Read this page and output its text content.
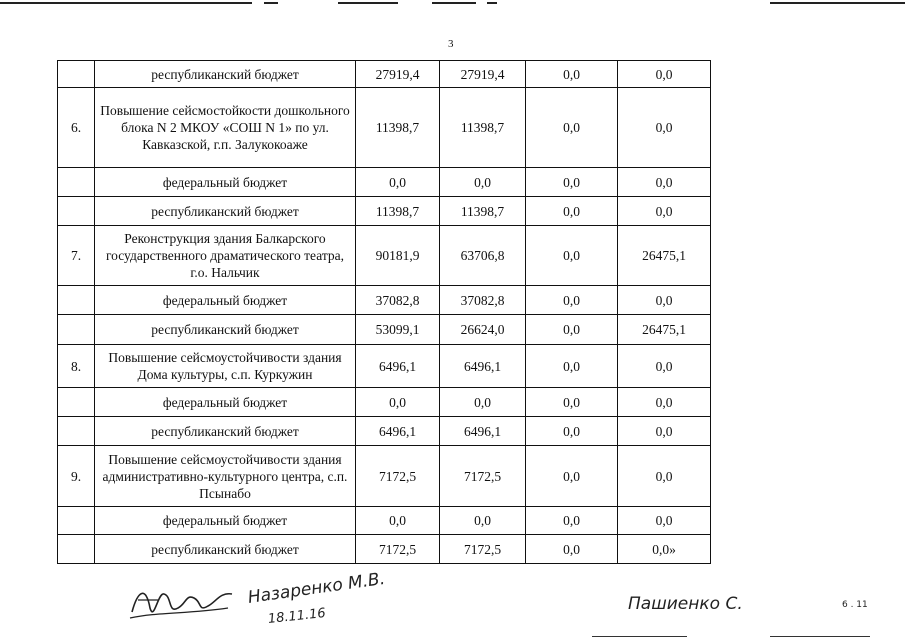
3
	республиканский бюджет	27919,4	27919,4	0,0	0,0
6.	Повышение сейсмостойкости дошкольного блока N 2 МКОУ «СОШ N 1» по ул. Кавказской, г.п. Залукокоаже	11398,7	11398,7	0,0	0,0
	федеральный бюджет	0,0	0,0	0,0	0,0
	республиканский бюджет	11398,7	11398,7	0,0	0,0
7.	Реконструкция здания Балкарского государственного драматического театра, г.о. Нальчик	90181,9	63706,8	0,0	26475,1
	федеральный бюджет	37082,8	37082,8	0,0	0,0
	республиканский бюджет	53099,1	26624,0	0,0	26475,1
8.	Повышение сейсмоустойчивости здания Дома культуры, с.п. Куркужин	6496,1	6496,1	0,0	0,0
	федеральный бюджет	0,0	0,0	0,0	0,0
	республиканский бюджет	6496,1	6496,1	0,0	0,0
9.	Повышение сейсмоустойчивости здания административно-культурного центра, с.п. Псынабо	7172,5	7172,5	0,0	0,0
	федеральный бюджет	0,0	0,0	0,0	0,0
	республиканский бюджет	7172,5	7172,5	0,0	0,0»
Назаренко М.В.
18.11.16
Пашиенко С.	6 . 11
